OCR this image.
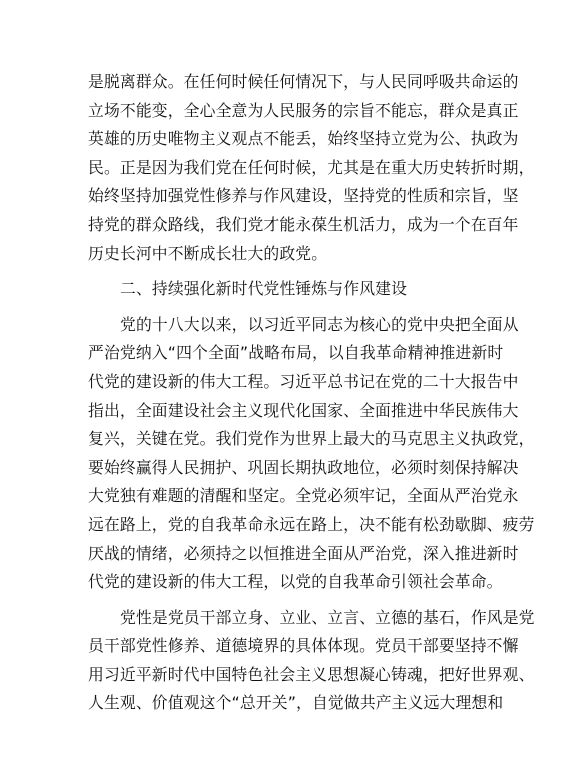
是脱离群众。在任何时候任何情况下，与人民同呼吸共命运的
立场不能变，全心全意为人民服务的宗旨不能忘，群众是真正
英雄的历史唯物主义观点不能丢，始终坚持立党为公、执政为
民。正是因为我们党在任何时候，尤其是在重大历史转折时期，
始终坚持加强党性修养与作风建设，坚持党的性质和宗旨，坚
持党的群众路线，我们党才能永葆生机活力，成为一个在百年
历史长河中不断成长壮大的政党。
二、持续强化新时代党性锤炼与作风建设
党的十八大以来，以习近平同志为核心的党中央把全面从
严治党纳入“四个全面”战略布局，以自我革命精神推进新时
代党的建设新的伟大工程。习近平总书记在党的二十大报告中
指出，全面建设社会主义现代化国家、全面推进中华民族伟大
复兴，关键在党。我们党作为世界上最大的马克思主义执政党，
要始终赢得人民拥护、巩固长期执政地位，必须时刻保持解决
大党独有难题的清醒和坚定。全党必须牢记，全面从严治党永
远在路上，党的自我革命永远在路上，决不能有松劲歇脚、疲劳
厌战的情绪，必须持之以恒推进全面从严治党，深入推进新时
代党的建设新的伟大工程，以党的自我革命引领社会革命。
党性是党员干部立身、立业、立言、立德的基石，作风是党
员干部党性修养、道德境界的具体体现。党员干部要坚持不懈
用习近平新时代中国特色社会主义思想凝心铸魂，把好世界观、
人生观、价值观这个“总开关”，自觉做共产主义远大理想和
